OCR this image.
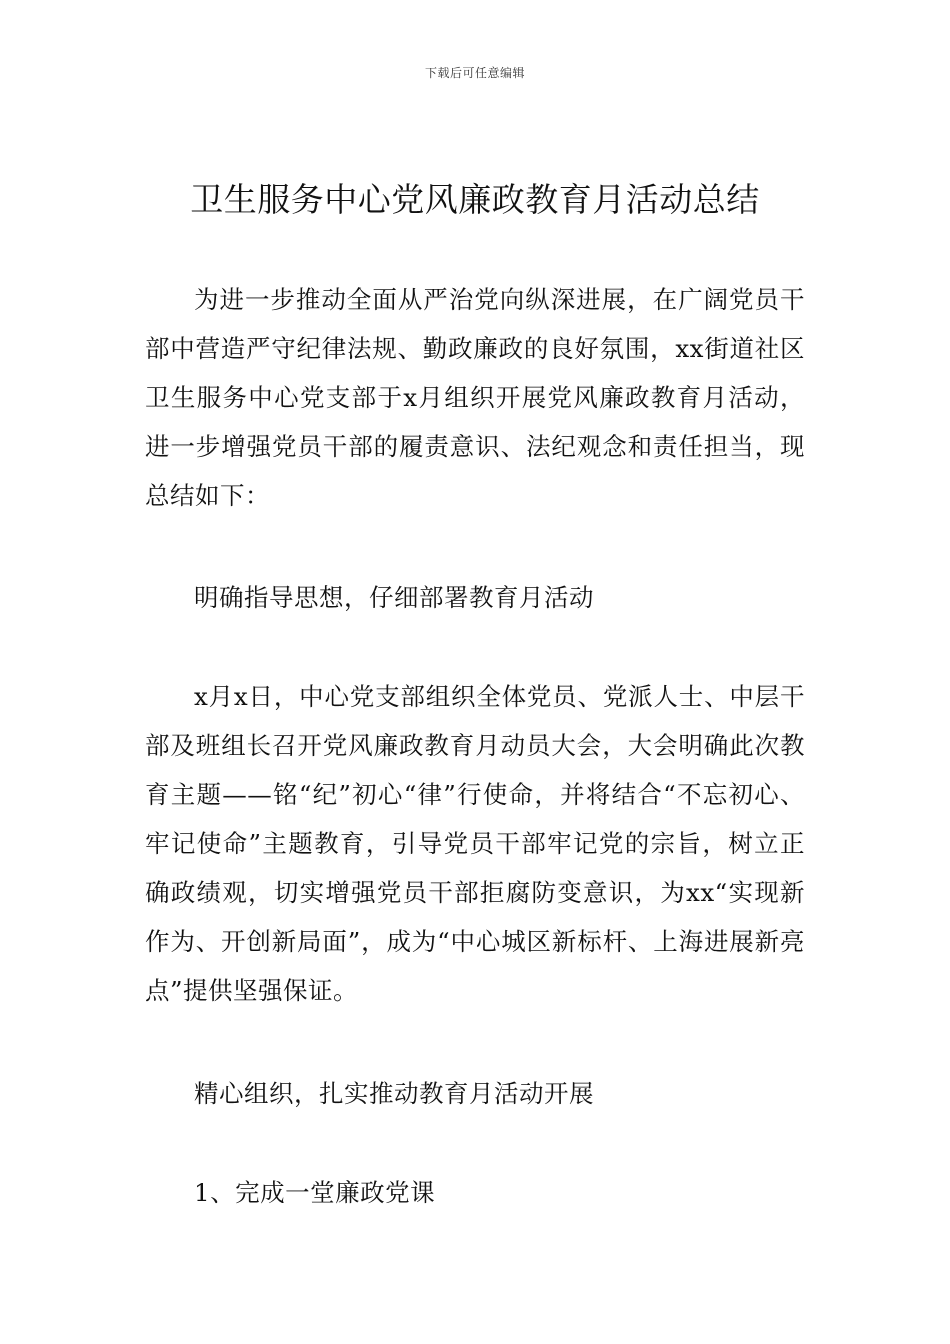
下载后可任意编辑
卫生服务中心党风廉政教育月活动总结

为进一步推动全面从严治党向纵深进展，在广阔党员干部中营造严守纪律法规、勤政廉政的良好氛围，xx街道社区卫生服务中心党支部于x月组织开展党风廉政教育月活动，进一步增强党员干部的履责意识、法纪观念和责任担当，现总结如下：

明确指导思想，仔细部署教育月活动

x月x日，中心党支部组织全体党员、党派人士、中层干部及班组长召开党风廉政教育月动员大会，大会明确此次教育主题——铭“纪”初心“律”行使命，并将结合“不忘初心、牢记使命”主题教育，引导党员干部牢记党的宗旨，树立正确政绩观，切实增强党员干部拒腐防变意识，为xx“实现新作为、开创新局面”，成为“中心城区新标杆、上海进展新亮点”提供坚强保证。

精心组织，扎实推动教育月活动开展

1、完成一堂廉政党课
